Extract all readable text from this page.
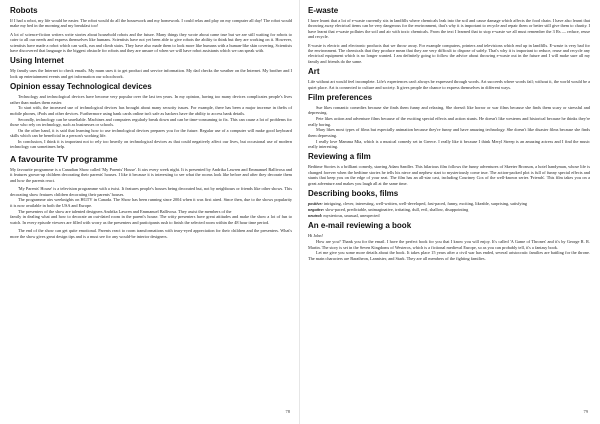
Robots

If I had a robot, my life would be easier. The robot would do all the housework and my homework. I could relax and play on my computer all day! The robot would make my bed in the morning and my breakfast too!

A lot of science-fiction writers write stories about household robots and the future. Many things they wrote about came true but we are still waiting for robots to cater to all our needs and express themselves like humans. Scientists have not yet been able to give robots the ability to think but they are working on it. However, scientists have made a robot which can walk, run and climb stairs. They have also made them to look more like humans with a human-like skin covering. Scientists have discovered that language is the biggest obstacle for robots and they are unsure of when we will have robot assistants which we can speak with.

Using Internet

My family uses the Internet to check emails. My mum uses it to get product and service information. My dad checks the weather on the Internet. My brother and I look up entertainment events and get information our schoolwork.

Opinion essay Technological devices

Technology and technological devices have become very popular over the last ten years. In my opinion, having too many devices complicates people's lives rather than makes them easier.

To start with, the increased use of technological devices has brought about many security issues. For example, there has been a major increase in thefts of mobile phones, iPods and other devices. Furthermore using bank cards online isn't safe as hackers have the ability to access bank details.

Secondly, technology can be unreliable. Machines and computers regularly break down and can be time-consuming to fix. This can cause a lot of problems for those who rely on technology, such as businesses or schools.

On the other hand, it is said that learning how to use technological devices prepares you for the future. Regular use of a computer will make good keyboard skills which can be beneficial in a person's working life.

In conclusion, I think it is important not to rely too heavily on technological devices as that could negatively affect our lives, but occasional use of modern technology can sometimes help.

A favourite TV programme

My favourite programme is a Canadian Show called 'My Parents' House'. It airs every week night. It is presented by Andrika Lawren and Emmanuel Ballivosa and it features grown-up children decorating their parents' houses. I like it because it is interesting to see what the rooms look like before and after they decorate them and how the parents react.

'My Parents' House' is a television programme with a twist. It features people's houses being decorated but, not by neighbours or friends like other shows. This decorating show features children decorating their parents' houses.

The programme airs weeknights on HGTV in Canada. The Show has been running since 2004 when it was first aired. Since then, due to the shows popularity it is now available in both the USA and Europe.

The presenters of the show are talented designers Andrika Lawren and Emmanuel Ballivosa. They assist the members of the

family in dealing what and how to decorate an out-dated room in the parent's house. The witty presenters have great attitudes and make the show a lot of fun to watch. In every episode viewers are filled with worry as the presenters and participants rush to finish the selected room within the 48 hour time period.

The end of the show can get quite emotional. Parents react to room transformations with teary-eyed appreciation for their children and the presenters. What's more the show gives great design tips and is a must see for any would-be interior designers.

78
E-waste

I have learnt that a lot of e-waste currently sits in landfills where chemicals leak into the soil and cause damage which affects the food chain. I have also learnt that throwing away electrical items can be very dangerous for the environment, that's why it is important to recycle and repair them or better still give them to charity. I have learnt that e-waste pollutes the soil and air with toxic chemicals. From the text I learned that to stop e-waste we all must remember the 3 Rs — reduce, reuse and recycle.

E-waste is electric and electronic products that we throw away. For example computers, printers and televisions which end up in landfills. E-waste is very bad for the environment. The chemicals that they produce mean that they are very difficult to dispose of safely. That's why it is important to reduce, reuse and recycle any electrical equipment which is no longer wanted. I am definitely going to follow the advice about throwing e-waste out in the future and I will make sure all my family and friends do the same.

Art

Life without art would feel incomplete. Life's experiences can't always be expressed through words. Art succeeds where words fail; without it, the world would be a quiet place. Art is connected to culture and society. It gives people the chance to express themselves in different ways.

Film preferences

Sue likes romantic comedies because she finds them funny and relaxing. She doesn't like horror or war films because she finds them scary or stressful and depressing.

Pete likes action and adventure films because of the exciting special effects and action stunts. He doesn't like westerns and historical because he thinks they're really boring.

Mary likes most types of films but especially animation because they're funny and have amazing technology. She doesn't like disaster films because she finds them depressing.

I really love Mamma Mia, which is a musical comedy set in Greece. I really like it because I think Meryl Streep is an amazing actress and I find the music really interesting.

Reviewing a film

Bedtime Stories is a brilliant comedy, starring Adam Sandler. This hilarious film follows the funny adventures of Skeeter Bronson, a hotel handyman, whose life is changed forever when the bedtime stories he tells his niece and nephew start to mysteriously come true. The action-packed plot is full of funny special effects and stunts that keep you on the edge of your seat. The film has an all-star cast, including Courtney Cox of the well-known series 'Friends'. This film takes you on a great adventure and makes you laugh all at the same time.

Describing books, films
positive: intriguing, clever, interesting, well-written, well-developed, fast-paced, funny, exciting, likeable, surprising, satisfying
negative: slow-paced, predictable, unimaginative, irritating, dull, evil, shallow, disappointing
neutral: mysterious, unusual, unexpected
An e-mail reviewing a book

Hi John!

How are you? Thank you for the email. I have the perfect book for you that I know you will enjoy. It's called 'A Game of Thrones' and it's by George R. R. Martin. The story is set in the Seven Kingdoms of Westeros, which is a fictional medieval Europe, so as you can probably tell, it's a fantasy book.

Let me give you some more details about the book. It takes place 15 years after a civil war has ended, several aristocratic families are battling for the throne. The main characters are Baratheon, Lannister, and Stark. They are all members of the fighting families.

79
